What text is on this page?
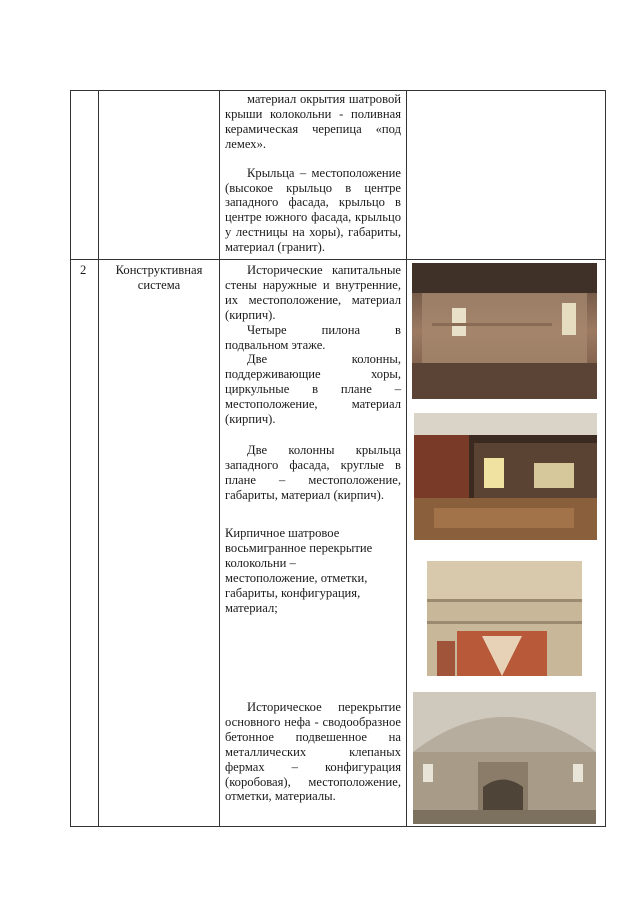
материал окрытия шатровой крыши колокольни - поливная керамическая черепица «под лемех».

Крыльца – местоположение (высокое крыльцо в центре западного фасада, крыльцо в центре южного фасада, крыльцо у лестницы на хоры), габариты, материал (гранит).

2	Конструктивная система

Исторические капитальные стены наружные и внутренние, их местоположение, материал (кирпич).

Четыре пилона в подвальном этаже.

Две колонны, поддерживающие хоры, циркульные в плане – местоположение, материал (кирпич).

Две колонны крыльца западного фасада, круглые в плане – местоположение, габариты, материал (кирпич).

Кирпичное шатровое восьмигранное перекрытие колокольни – местоположение, отметки, габариты, конфигурация, материал;

Историческое перекрытие основного нефа - сводообразное бетонное подвешенное на металлических клепаных фермах – конфигурация (коробовая), местоположение, отметки, материалы.
